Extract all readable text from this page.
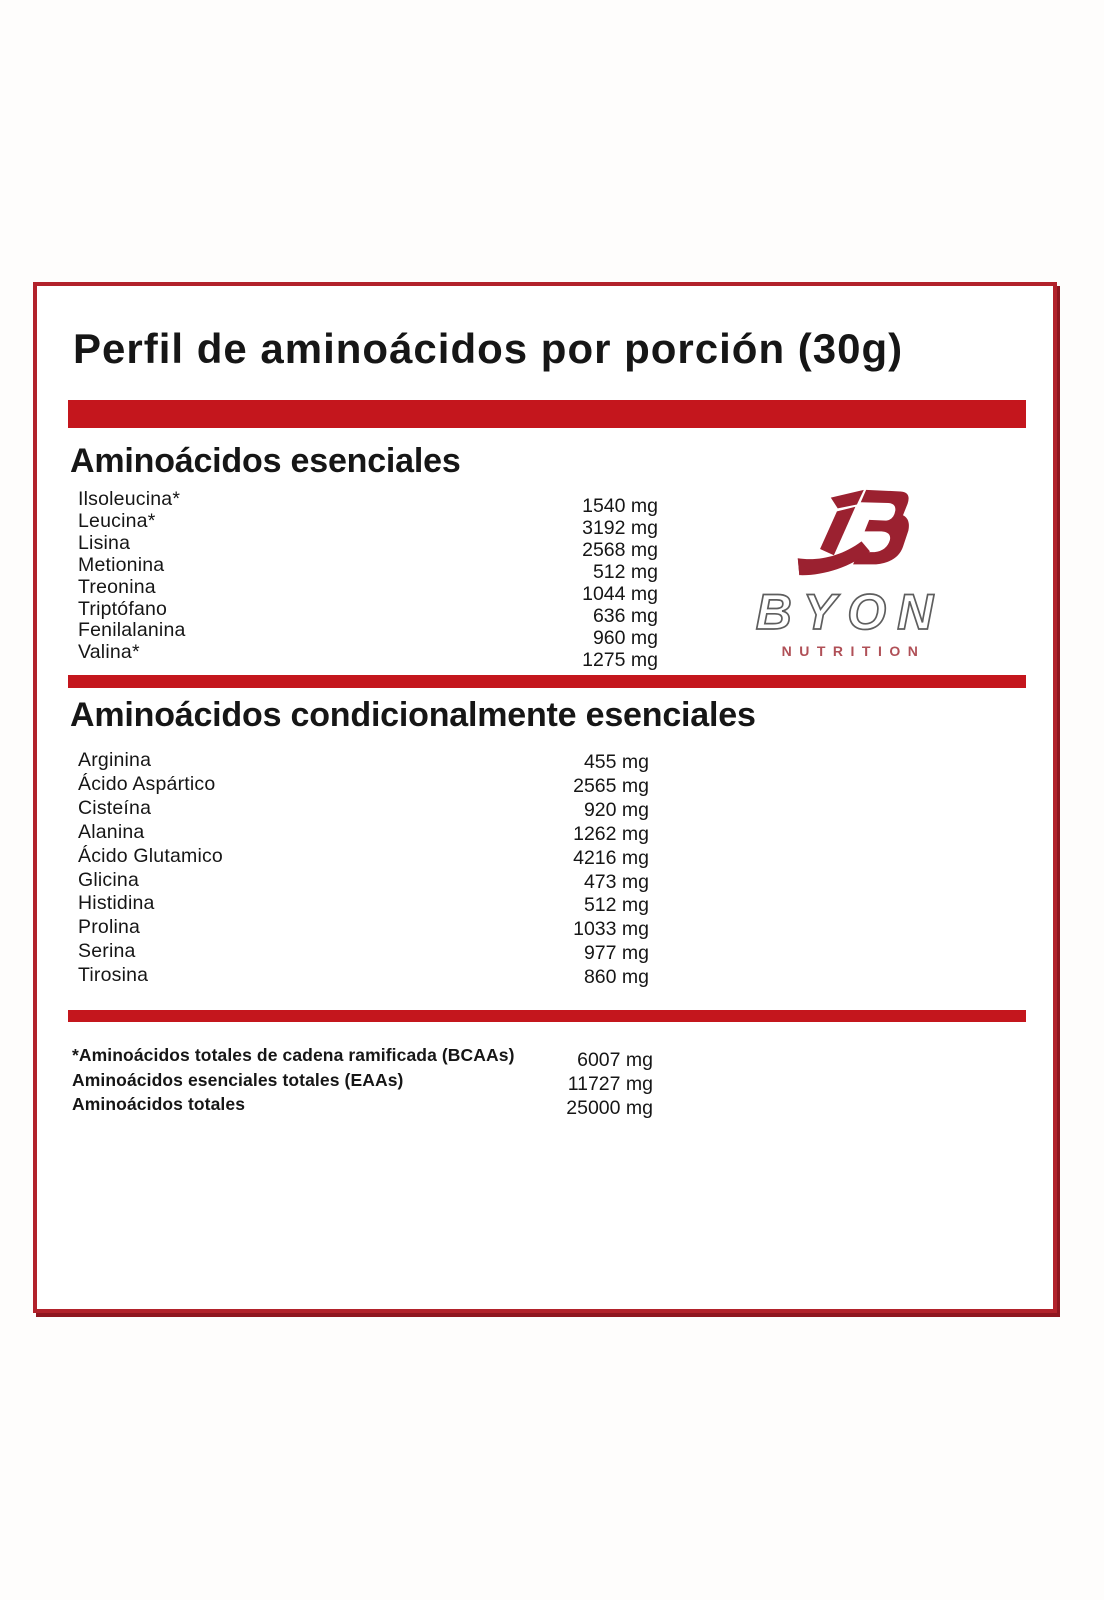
Perfil de aminoácidos por porción (30g)
Aminoácidos esenciales
Ilsoleucina*
Leucina*
Lisina
Metionina
Treonina
Triptófano
Fenilalanina
Valina*
1540 mg
3192 mg
2568 mg
512 mg
1044 mg
636 mg
960 mg
1275 mg
BYON
NUTRITION
Aminoácidos condicionalmente esenciales
Arginina
Ácido Aspártico
Cisteína
Alanina
Ácido Glutamico
Glicina
Histidina
Prolina
Serina
Tirosina
455 mg
2565 mg
920 mg
1262 mg
4216 mg
473 mg
512 mg
1033 mg
977 mg
860 mg
*Aminoácidos totales de cadena ramificada (BCAAs)
Aminoácidos esenciales totales (EAAs)
Aminoácidos totales
6007 mg
11727 mg
25000 mg
